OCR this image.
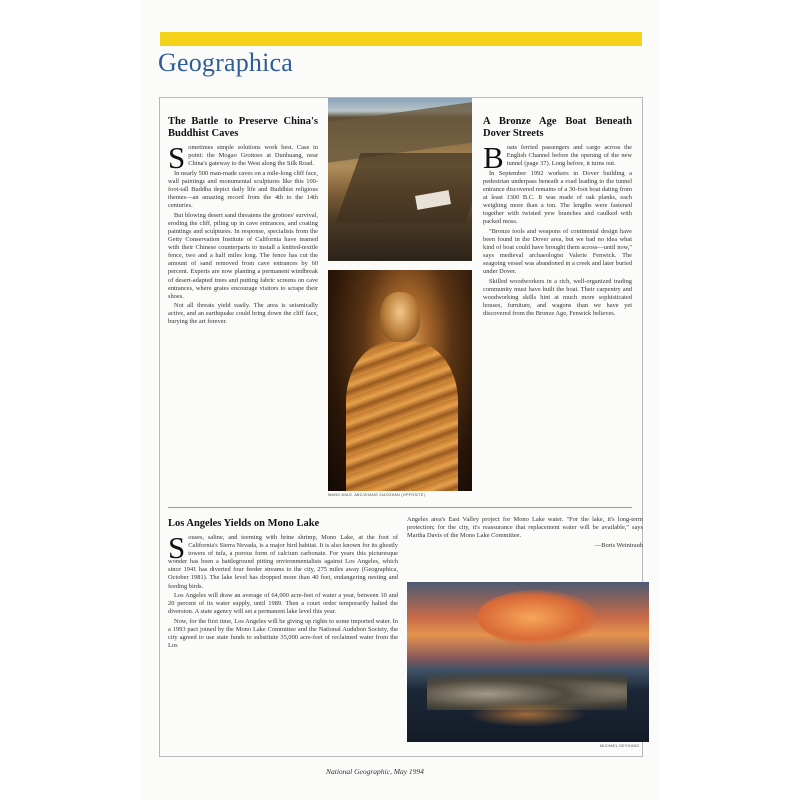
Geographica
The Battle to Preserve China's Buddhist Caves

Sometimes simple solutions work best. Case in point: the Mogao Grottoes at Dunhuang, near China's gateway to the West along the Silk Road.

In nearly 500 man-made caves on a mile-long cliff face, wall paintings and monumental sculptures like this 100-foot-tall Buddha depict daily life and Buddhist religious themes—an amazing record from the 4th to the 14th centuries.

But blowing desert sand threatens the grottoes' survival, eroding the cliff, piling up in cave entrances, and coating paintings and sculptures. In response, specialists from the Getty Conservation Institute of California have teamed with their Chinese counterparts to install a knitted-textile fence, two and a half miles long. The fence has cut the amount of sand removed from cave entrances by 60 percent. Experts are now planting a permanent windbreak of desert-adapted trees and putting fabric screens on cave entrances, where grates encourage visitors to scrape their shoes.

Not all threats yield easily. The area is seismically active, and an earthquake could bring down the cliff face, burying the art forever.

WANG MIAO, ABC/ZHANG XIAOZHAN (OPPOSITE)
A Bronze Age Boat Beneath Dover Streets

Boats ferried passengers and cargo across the English Channel before the opening of the new tunnel (page 37). Long before, it turns out.

In September 1992 workers in Dover building a pedestrian underpass beneath a road leading to the tunnel entrance discovered remains of a 30-foot boat dating from at least 1300 B.C. It was made of oak planks, each weighing more than a ton. The lengths were fastened together with twisted yew branches and caulked with packed moss.

"Bronze tools and weapons of continental design have been found in the Dover area, but we had no idea what kind of boat could have brought them across—until now," says medieval archaeologist Valerie Fenwick. The seagoing vessel was abandoned in a creek and later buried under Dover.

Skilled woodworkers in a rich, well-organized trading community must have built the boat. Their carpentry and woodworking skills hint at much more sophisticated houses, furniture, and wagons than we have yet discovered from the Bronze Age, Fenwick believes.

Los Angeles Yields on Mono Lake

Souses, saline, and teeming with brine shrimp, Mono Lake, at the foot of California's Sierra Nevada, is a major bird habitat. It is also known for its ghostly towers of tufa, a porous form of calcium carbonate. For years this picturesque wonder has been a battleground pitting environmentalists against Los Angeles, which since 1941 has diverted four feeder streams to the city, 275 miles away (Geographica, October 1981). The lake level has dropped more than 40 feet, endangering nesting and feeding birds.

Los Angeles will draw an average of 64,000 acre-feet of water a year, between 10 and 20 percent of its water supply, until 1989. Then a court order temporarily halted the diversion. A state agency will set a permanent lake level this year.

Now, for the first time, Los Angeles will be giving up rights to some imported water. In a 1993 pact joined by the Mono Lake Committee and the National Audubon Society, the city agreed to use state funds to substitute 35,000 acre-feet of reclaimed water from the Los

Angeles area's East Valley project for Mono Lake water. "For the lake, it's long-term protection; for the city, it's reassurance that replacement water will be available," says Martha Davis of the Mono Lake Committee.

—Boris Weintraub

MICHAEL DEYOUNG
National Geographic, May 1994
